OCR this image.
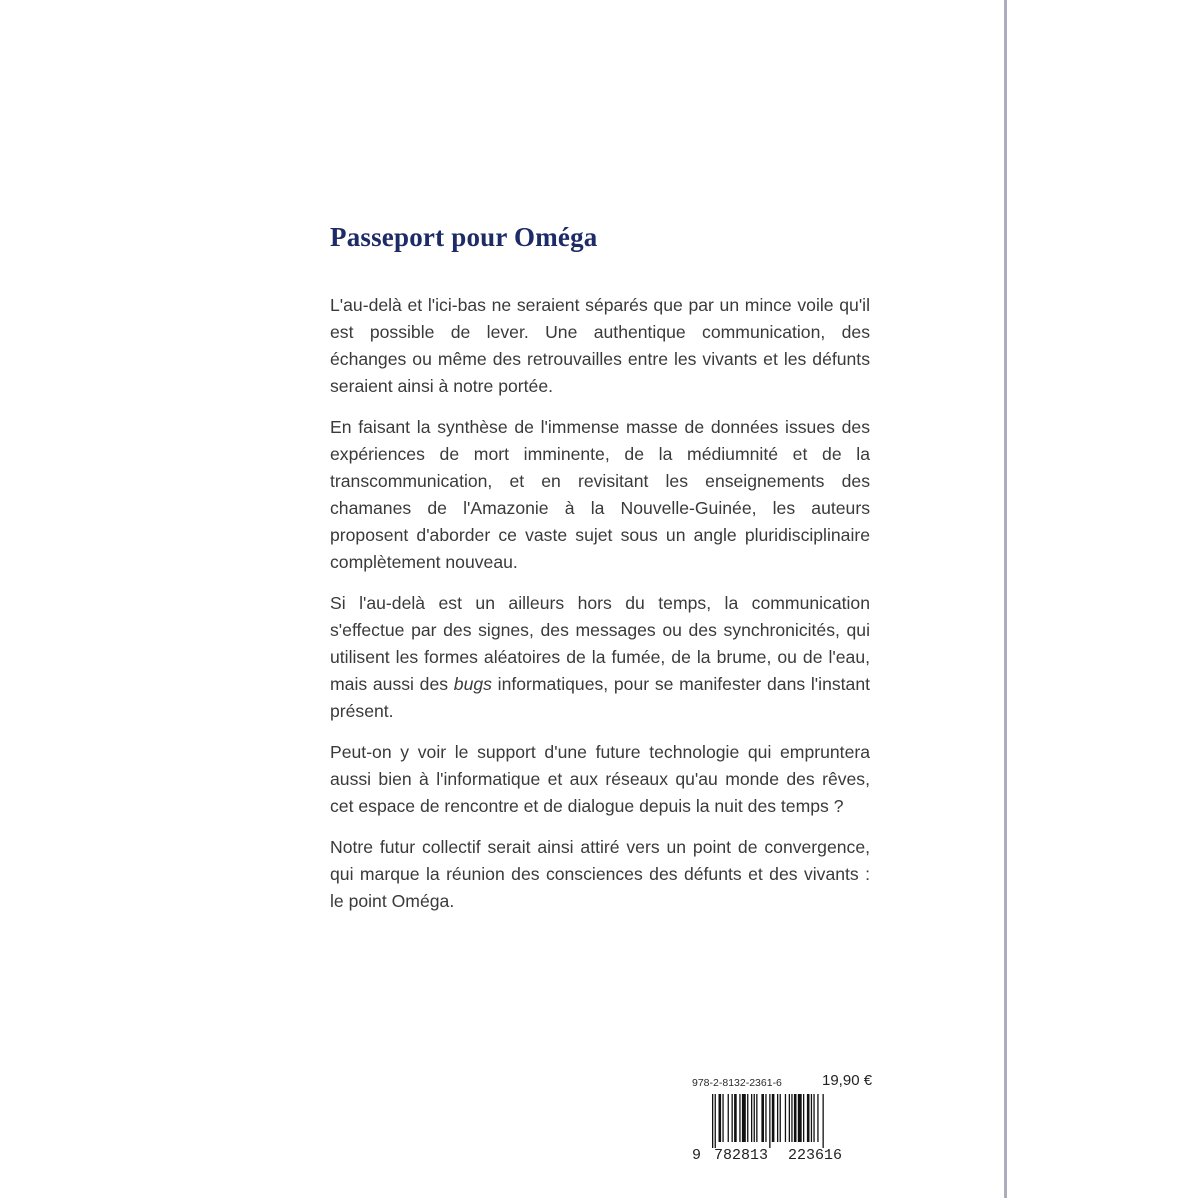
Passeport pour Oméga

L'au-delà et l'ici-bas ne seraient séparés que par un mince voile qu'il est possible de lever. Une authentique communication, des échanges ou même des retrouvailles entre les vivants et les défunts seraient ainsi à notre portée.

En faisant la synthèse de l'immense masse de données issues des expériences de mort imminente, de la médiumnité et de la transcommunication, et en revisitant les enseignements des chamanes de l'Amazonie à la Nouvelle-Guinée, les auteurs proposent d'aborder ce vaste sujet sous un angle pluridisciplinaire complètement nouveau.

Si l'au-delà est un ailleurs hors du temps, la communication s'effectue par des signes, des messages ou des synchronicités, qui utilisent les formes aléatoires de la fumée, de la brume, ou de l'eau, mais aussi des bugs informatiques, pour se manifester dans l'instant présent.

Peut-on y voir le support d'une future technologie qui empruntera aussi bien à l'informatique et aux réseaux qu'au monde des rêves, cet espace de rencontre et de dialogue depuis la nuit des temps ?

Notre futur collectif serait ainsi attiré vers un point de convergence, qui marque la réunion des consciences des défunts et des vivants : le point Oméga.

978-2-8132-2361-6	19,90 €
9 782813 223616
